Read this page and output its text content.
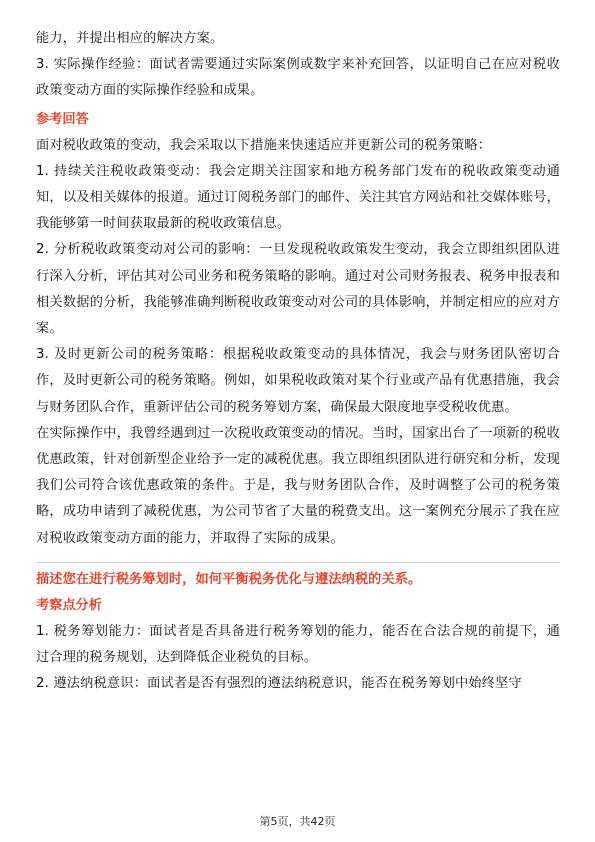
能力，并提出相应的解决方案。

3. 实际操作经验：面试者需要通过实际案例或数字来补充回答，以证明自己在应对税收政策变动方面的实际操作经验和成果。

参考回答

面对税收政策的变动，我会采取以下措施来快速适应并更新公司的税务策略：

1. 持续关注税收政策变动：我会定期关注国家和地方税务部门发布的税收政策变动通知，以及相关媒体的报道。通过订阅税务部门的邮件、关注其官方网站和社交媒体账号，我能够第一时间获取最新的税收政策信息。

2. 分析税收政策变动对公司的影响：一旦发现税收政策发生变动，我会立即组织团队进行深入分析，评估其对公司业务和税务策略的影响。通过对公司财务报表、税务申报表和相关数据的分析，我能够准确判断税收政策变动对公司的具体影响，并制定相应的应对方案。

3. 及时更新公司的税务策略：根据税收政策变动的具体情况，我会与财务团队密切合作，及时更新公司的税务策略。例如，如果税收政策对某个行业或产品有优惠措施，我会与财务团队合作，重新评估公司的税务筹划方案，确保最大限度地享受税收优惠。

在实际操作中，我曾经遇到过一次税收政策变动的情况。当时，国家出台了一项新的税收优惠政策，针对创新型企业给予一定的减税优惠。我立即组织团队进行研究和分析，发现我们公司符合该优惠政策的条件。于是，我与财务团队合作，及时调整了公司的税务策略，成功申请到了减税优惠，为公司节省了大量的税费支出。这一案例充分展示了我在应对税收政策变动方面的能力，并取得了实际的成果。

描述您在进行税务筹划时，如何平衡税务优化与遵法纳税的关系。

考察点分析

1. 税务筹划能力：面试者是否具备进行税务筹划的能力，能否在合法合规的前提下，通过合理的税务规划，达到降低企业税负的目标。

2. 遵法纳税意识：面试者是否有强烈的遵法纳税意识，能否在税务筹划中始终坚守

第5页，共42页
